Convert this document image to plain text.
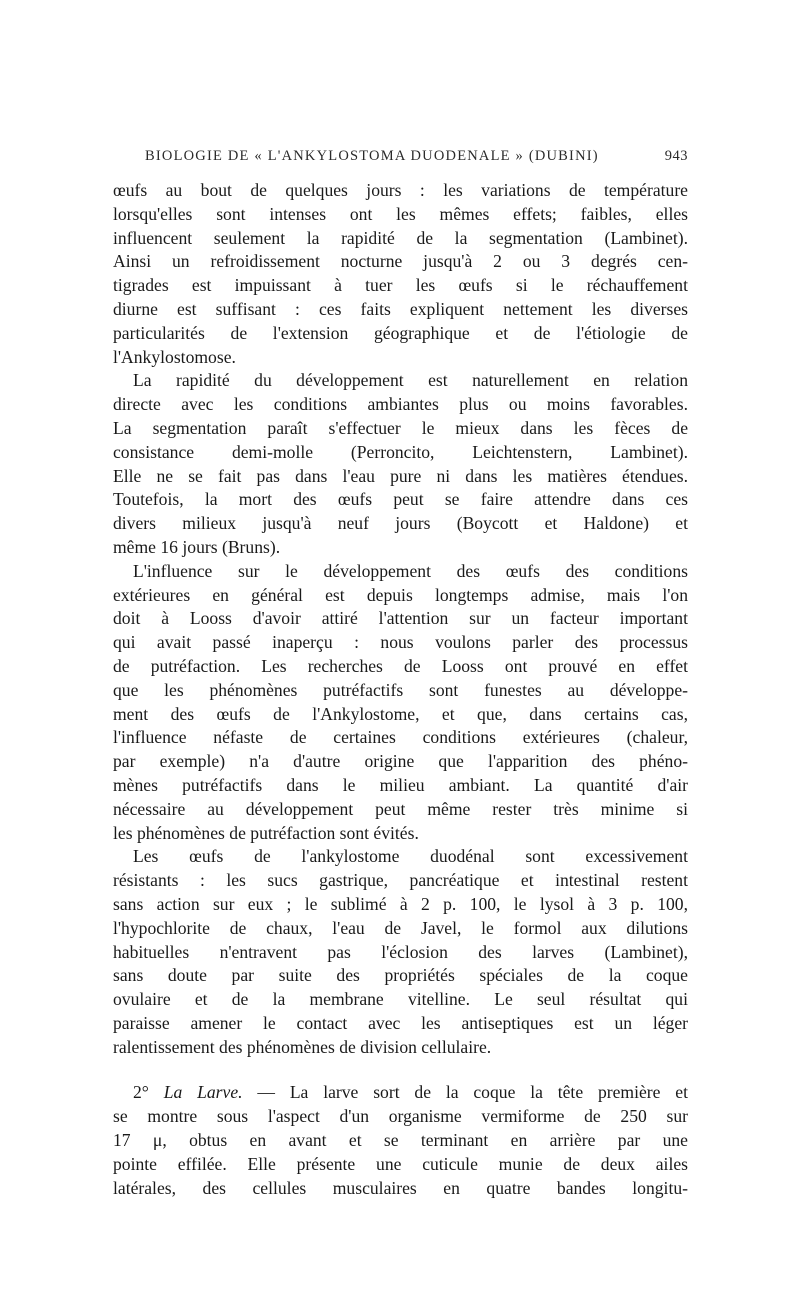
BIOLOGIE DE « L'ANKYLOSTOMA DUODENALE » (DUBINI)	943
œufs au bout de quelques jours : les variations de température
lorsqu'elles sont intenses ont les mêmes effets; faibles, elles
influencent seulement la rapidité de la segmentation (Lambinet).
Ainsi un refroidissement nocturne jusqu'à 2 ou 3 degrés cen-
tigrades est impuissant à tuer les œufs si le réchauffement
diurne est suffisant : ces faits expliquent nettement les diverses
particularités de l'extension géographique et de l'étiologie de
l'Ankylostomose.
La rapidité du développement est naturellement en relation
directe avec les conditions ambiantes plus ou moins favorables.
La segmentation paraît s'effectuer le mieux dans les fèces de
consistance demi-molle (Perroncito, Leichtenstern, Lambinet).
Elle ne se fait pas dans l'eau pure ni dans les matières étendues.
Toutefois, la mort des œufs peut se faire attendre dans ces
divers milieux jusqu'à neuf jours (Boycott et Haldone) et
même 16 jours (Bruns).
L'influence sur le développement des œufs des conditions
extérieures en général est depuis longtemps admise, mais l'on
doit à Looss d'avoir attiré l'attention sur un facteur important
qui avait passé inaperçu : nous voulons parler des processus
de putréfaction. Les recherches de Looss ont prouvé en effet
que les phénomènes putréfactifs sont funestes au développe-
ment des œufs de l'Ankylostome, et que, dans certains cas,
l'influence néfaste de certaines conditions extérieures (chaleur,
par exemple) n'a d'autre origine que l'apparition des phéno-
mènes putréfactifs dans le milieu ambiant. La quantité d'air
nécessaire au développement peut même rester très minime si
les phénomènes de putréfaction sont évités.
Les œufs de l'ankylostome duodénal sont excessivement
résistants : les sucs gastrique, pancréatique et intestinal restent
sans action sur eux ; le sublimé à 2 p. 100, le lysol à 3 p. 100,
l'hypochlorite de chaux, l'eau de Javel, le formol aux dilutions
habituelles n'entravent pas l'éclosion des larves (Lambinet),
sans doute par suite des propriétés spéciales de la coque
ovulaire et de la membrane vitelline. Le seul résultat qui
paraisse amener le contact avec les antiseptiques est un léger
ralentissement des phénomènes de division cellulaire.
2° La Larve. — La larve sort de la coque la tête première et
se montre sous l'aspect d'un organisme vermiforme de 250 sur
17 μ, obtus en avant et se terminant en arrière par une
pointe effilée. Elle présente une cuticule munie de deux ailes
latérales, des cellules musculaires en quatre bandes longitu-
